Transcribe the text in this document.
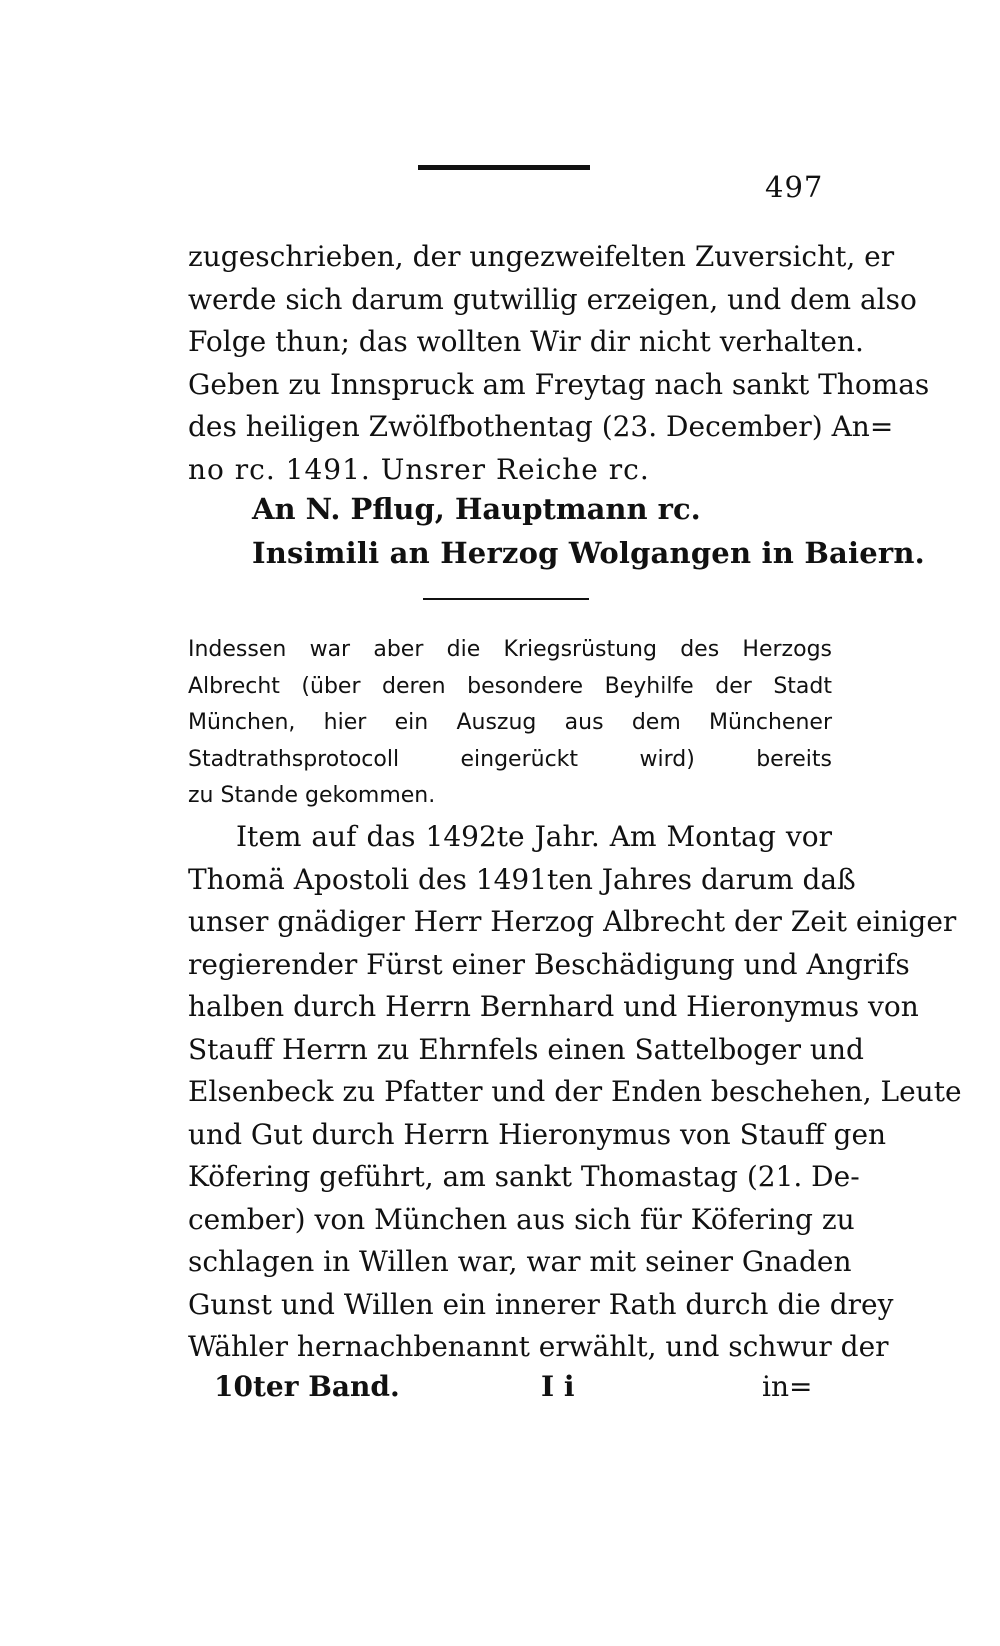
497
zugeschrieben, der ungezweifelten Zuversicht, er
werde sich darum gutwillig erzeigen, und dem also
Folge thun; das wollten Wir dir nicht verhalten.
Geben zu Innspruck am Freytag nach sankt Thomas
des heiligen Zwölfbothentag (23. December) An=
no rc. 1491. Unsrer Reiche rc.
An N. Pflug, Hauptmann rc.
Insimili an Herzog Wolgangen in Baiern.
Indessen war aber die Kriegsrüstung des Herzogs
Albrecht (über deren besondere Beyhilfe der Stadt
München, hier ein Auszug aus dem Münchener
Stadtrathsprotocoll eingerückt wird) bereits
zu Stande gekommen.
Item auf das 1492te Jahr. Am Montag vor
Thomä Apostoli des 1491ten Jahres darum daß
unser gnädiger Herr Herzog Albrecht der Zeit einiger
regierender Fürst einer Beschädigung und Angrifs
halben durch Herrn Bernhard und Hieronymus von
Stauff Herrn zu Ehrnfels einen Sattelboger und
Elsenbeck zu Pfatter und der Enden beschehen, Leute
und Gut durch Herrn Hieronymus von Stauff gen
Köfering geführt, am sankt Thomastag (21. De-
cember) von München aus sich für Köfering zu
schlagen in Willen war, war mit seiner Gnaden
Gunst und Willen ein innerer Rath durch die drey
Wähler hernachbenannt erwählt, und schwur der
10ter Band.	I i	in=
